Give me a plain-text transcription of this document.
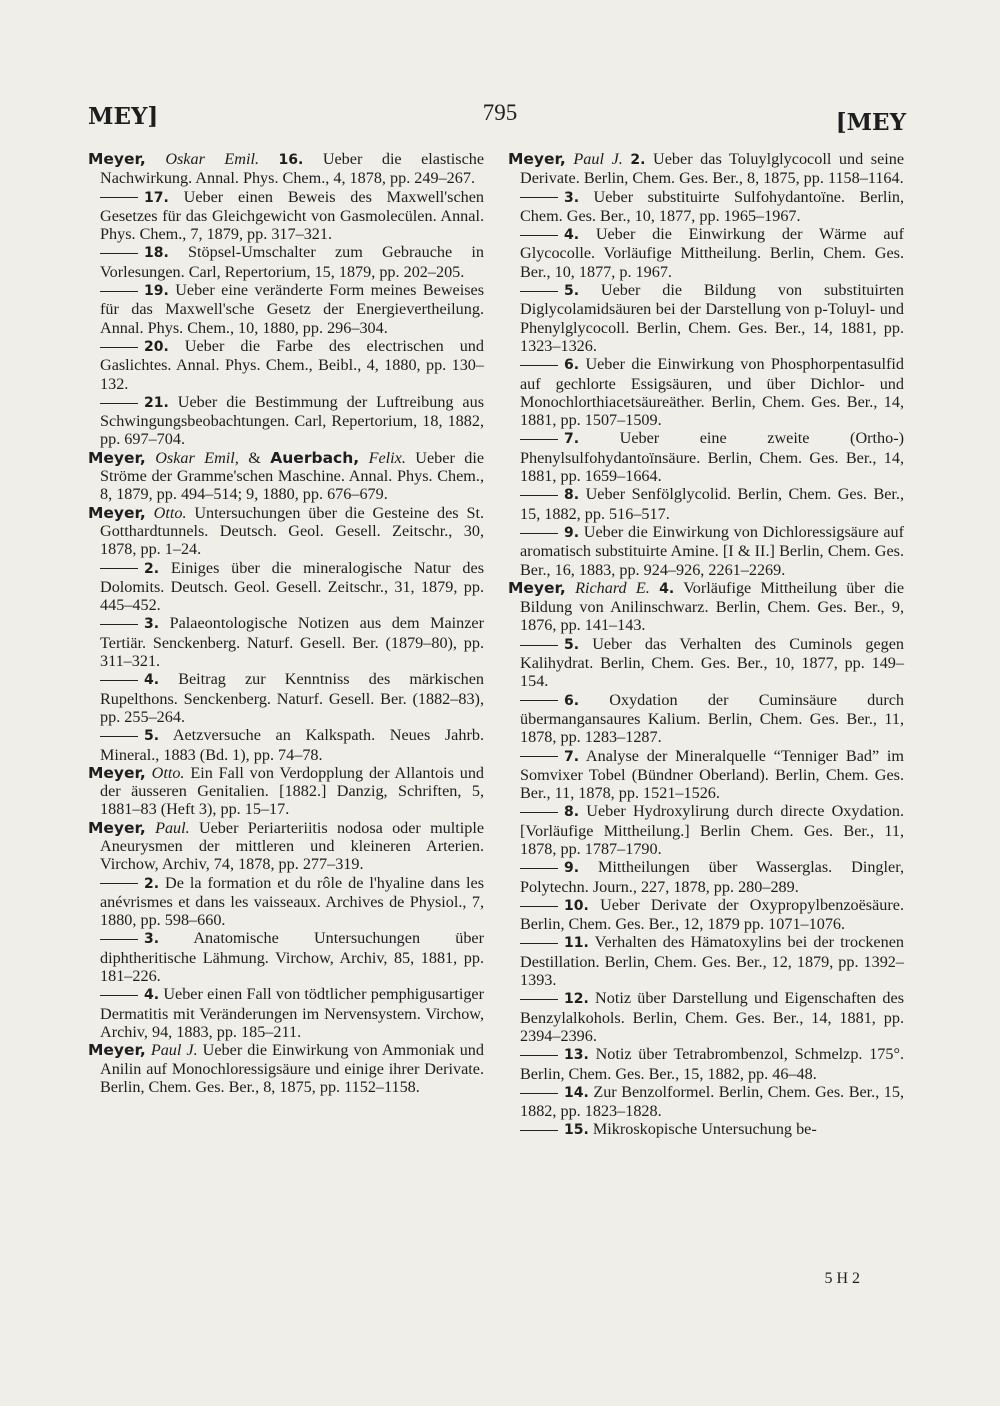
MEY]	795	[MEY

Meyer, Oskar Emil. 16. Ueber die elastische Nachwirkung. Annal. Phys. Chem., 4, 1878, pp. 249–267.

17. Ueber einen Beweis des Maxwell'schen Gesetzes für das Gleichgewicht von Gasmolecülen. Annal. Phys. Chem., 7, 1879, pp. 317–321.

18. Stöpsel-Umschalter zum Gebrauche in Vorlesungen. Carl, Repertorium, 15, 1879, pp. 202–205.

19. Ueber eine veränderte Form meines Beweises für das Maxwell'sche Gesetz der Energievertheilung. Annal. Phys. Chem., 10, 1880, pp. 296–304.

20. Ueber die Farbe des electrischen und Gaslichtes. Annal. Phys. Chem., Beibl., 4, 1880, pp. 130–132.

21. Ueber die Bestimmung der Luftreibung aus Schwingungsbeobachtungen. Carl, Repertorium, 18, 1882, pp. 697–704.

Meyer, Oskar Emil, & Auerbach, Felix. Ueber die Ströme der Gramme'schen Maschine. Annal. Phys. Chem., 8, 1879, pp. 494–514; 9, 1880, pp. 676–679.

Meyer, Otto. Untersuchungen über die Gesteine des St. Gotthardtunnels. Deutsch. Geol. Gesell. Zeitschr., 30, 1878, pp. 1–24.

2. Einiges über die mineralogische Natur des Dolomits. Deutsch. Geol. Gesell. Zeitschr., 31, 1879, pp. 445–452.

3. Palaeontologische Notizen aus dem Mainzer Tertiär. Senckenberg. Naturf. Gesell. Ber. (1879–80), pp. 311–321.

4. Beitrag zur Kenntniss des märkischen Rupelthons. Senckenberg. Naturf. Gesell. Ber. (1882–83), pp. 255–264.

5. Aetzversuche an Kalkspath. Neues Jahrb. Mineral., 1883 (Bd. 1), pp. 74–78.

Meyer, Otto. Ein Fall von Verdopplung der Allantois und der äusseren Genitalien. [1882.] Danzig, Schriften, 5, 1881–83 (Heft 3), pp. 15–17.

Meyer, Paul. Ueber Periarteriitis nodosa oder multiple Aneurysmen der mittleren und kleineren Arterien. Virchow, Archiv, 74, 1878, pp. 277–319.

2. De la formation et du rôle de l'hyaline dans les anévrismes et dans les vaisseaux. Archives de Physiol., 7, 1880, pp. 598–660.

3. Anatomische Untersuchungen über diphtheritische Lähmung. Virchow, Archiv, 85, 1881, pp. 181–226.

4. Ueber einen Fall von tödtlicher pemphigusartiger Dermatitis mit Veränderungen im Nervensystem. Virchow, Archiv, 94, 1883, pp. 185–211.

Meyer, Paul J. Ueber die Einwirkung von Ammoniak und Anilin auf Monochloressigsäure und einige ihrer Derivate. Berlin, Chem. Ges. Ber., 8, 1875, pp. 1152–1158.

Meyer, Paul J. 2. Ueber das Toluylglycocoll und seine Derivate. Berlin, Chem. Ges. Ber., 8, 1875, pp. 1158–1164.

3. Ueber substituirte Sulfohydantoïne. Berlin, Chem. Ges. Ber., 10, 1877, pp. 1965–1967.

4. Ueber die Einwirkung der Wärme auf Glycocolle. Vorläufige Mittheilung. Berlin, Chem. Ges. Ber., 10, 1877, p. 1967.

5. Ueber die Bildung von substituirten Diglycolamidsäuren bei der Darstellung von p-Toluyl- und Phenylglycocoll. Berlin, Chem. Ges. Ber., 14, 1881, pp. 1323–1326.

6. Ueber die Einwirkung von Phosphorpentasulfid auf gechlorte Essigsäuren, und über Dichlor- und Monochlorthiacetsäureäther. Berlin, Chem. Ges. Ber., 14, 1881, pp. 1507–1509.

7.	Ueber eine zweite (Ortho-) Phenylsulfohydantoïnsäure. Berlin, Chem. Ges. Ber., 14, 1881, pp. 1659–1664.

8. Ueber Senfölglycolid. Berlin, Chem. Ges. Ber., 15, 1882, pp. 516–517.

9. Ueber die Einwirkung von Dichloressigsäure auf aromatisch substituirte Amine. [I & II.] Berlin, Chem. Ges. Ber., 16, 1883, pp. 924–926, 2261–2269.

Meyer, Richard E. 4. Vorläufige Mittheilung über die Bildung von Anilinschwarz. Berlin, Chem. Ges. Ber., 9, 1876, pp. 141–143.

5. Ueber das Verhalten des Cuminols gegen Kalihydrat. Berlin, Chem. Ges. Ber., 10, 1877, pp. 149–154.

6. Oxydation der Cuminsäure durch übermangansaures Kalium. Berlin, Chem. Ges. Ber., 11, 1878, pp. 1283–1287.

7. Analyse der Mineralquelle “Tenniger Bad” im Somvixer Tobel (Bündner Oberland). Berlin, Chem. Ges. Ber., 11, 1878, pp. 1521–1526.

8. Ueber Hydroxylirung durch directe Oxydation. [Vorläufige Mittheilung.] Berlin Chem. Ges. Ber., 11, 1878, pp. 1787–1790.

9. Mittheilungen über Wasserglas. Dingler, Polytechn. Journ., 227, 1878, pp. 280–289.

10. Ueber Derivate der Oxypropylbenzoësäure. Berlin, Chem. Ges. Ber., 12, 1879 pp. 1071–1076.

11. Verhalten des Hämatoxylins bei der trockenen Destillation. Berlin, Chem. Ges. Ber., 12, 1879, pp. 1392–1393.

12. Notiz über Darstellung und Eigenschaften des Benzylalkohols. Berlin, Chem. Ges. Ber., 14, 1881, pp. 2394–2396.

13. Notiz über Tetrabrombenzol, Schmelzp. 175°. Berlin, Chem. Ges. Ber., 15, 1882, pp. 46–48.

14. Zur Benzolformel. Berlin, Chem. Ges. Ber., 15, 1882, pp. 1823–1828.

15. Mikroskopische Untersuchung be-

5 H 2
